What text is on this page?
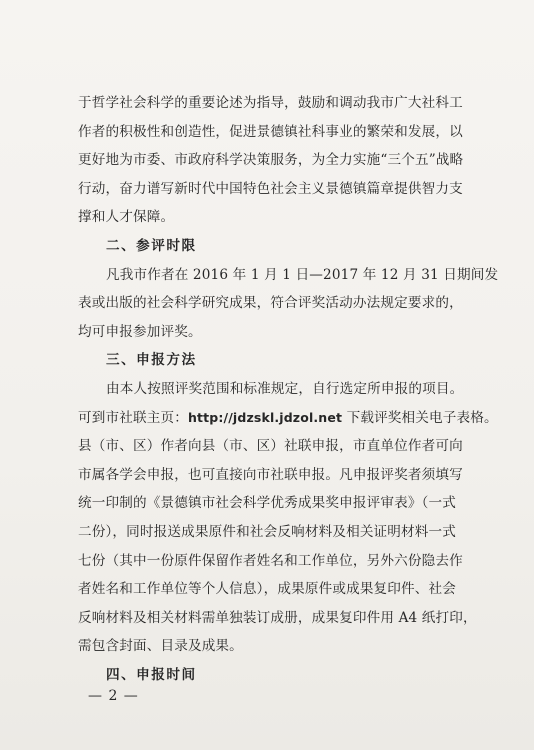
于哲学社会科学的重要论述为指导，鼓励和调动我市广大社科工
作者的积极性和创造性，促进景德镇社科事业的繁荣和发展，以
更好地为市委、市政府科学决策服务，为全力实施“三个五”战略
行动，奋力谱写新时代中国特色社会主义景德镇篇章提供智力支
撑和人才保障。
二、参评时限
凡我市作者在 2016 年 1 月 1 日—2017 年 12 月 31 日期间发
表或出版的社会科学研究成果，符合评奖活动办法规定要求的，
均可申报参加评奖。
三、申报方法
由本人按照评奖范围和标准规定，自行选定所申报的项目。
可到市社联主页：http://jdzskl.jdzol.net 下载评奖相关电子表格。
县（市、区）作者向县（市、区）社联申报，市直单位作者可向
市属各学会申报，也可直接向市社联申报。凡申报评奖者须填写
统一印制的《景德镇市社会科学优秀成果奖申报评审表》（一式
二份），同时报送成果原件和社会反响材料及相关证明材料一式
七份（其中一份原件保留作者姓名和工作单位，另外六份隐去作
者姓名和工作单位等个人信息），成果原件或成果复印件、社会
反响材料及相关材料需单独装订成册，成果复印件用 A4 纸打印，
需包含封面、目录及成果。
四、申报时间
— 2 —
